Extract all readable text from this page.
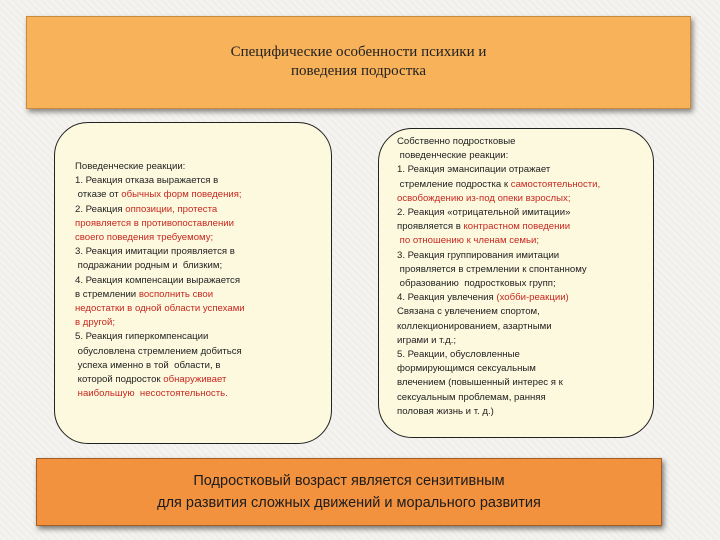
Специфические особенности психики и
поведения подростка
Поведенческие реакции:
1. Реакция отказа выражается в
отказе от обычных форм поведения;
2. Реакция оппозиции, протеста
проявляется в противопоставлении
своего поведения требуемому;
3. Реакция имитации проявляется в
подражании родным и  близким;
4. Реакция компенсации выражается
в стремлении восполнить свои
недостатки в одной области успехами
в другой;
5. Реакция гиперкомпенсации
обусловлена стремлением добиться
успеха именно в той  области, в
которой подросток обнаруживает
наибольшую  несостоятельность.
Собственно подростковые
поведенческие реакции:
1. Реакция эмансипации отражает
стремление подростка к самостоятельности,
освобождению из-под опеки взрослых;
2. Реакция «отрицательной имитации»
проявляется в контрастном поведении
по отношению к членам семьи;
3. Реакция группирования имитации
проявляется в стремлении к спонтанному
образованию  подростковых групп;
4. Реакция увлечения (хобби-реакции)
Связана с увлечением спортом,
коллекционированием, азартными
играми и т.д.;
5. Реакции, обусловленные
формирующимся сексуальным
влечением (повышенный интерес я к
сексуальным проблемам, ранняя
половая жизнь и т. д.)
Подростковый возраст является сензитивным
для развития сложных движений и морального развития
